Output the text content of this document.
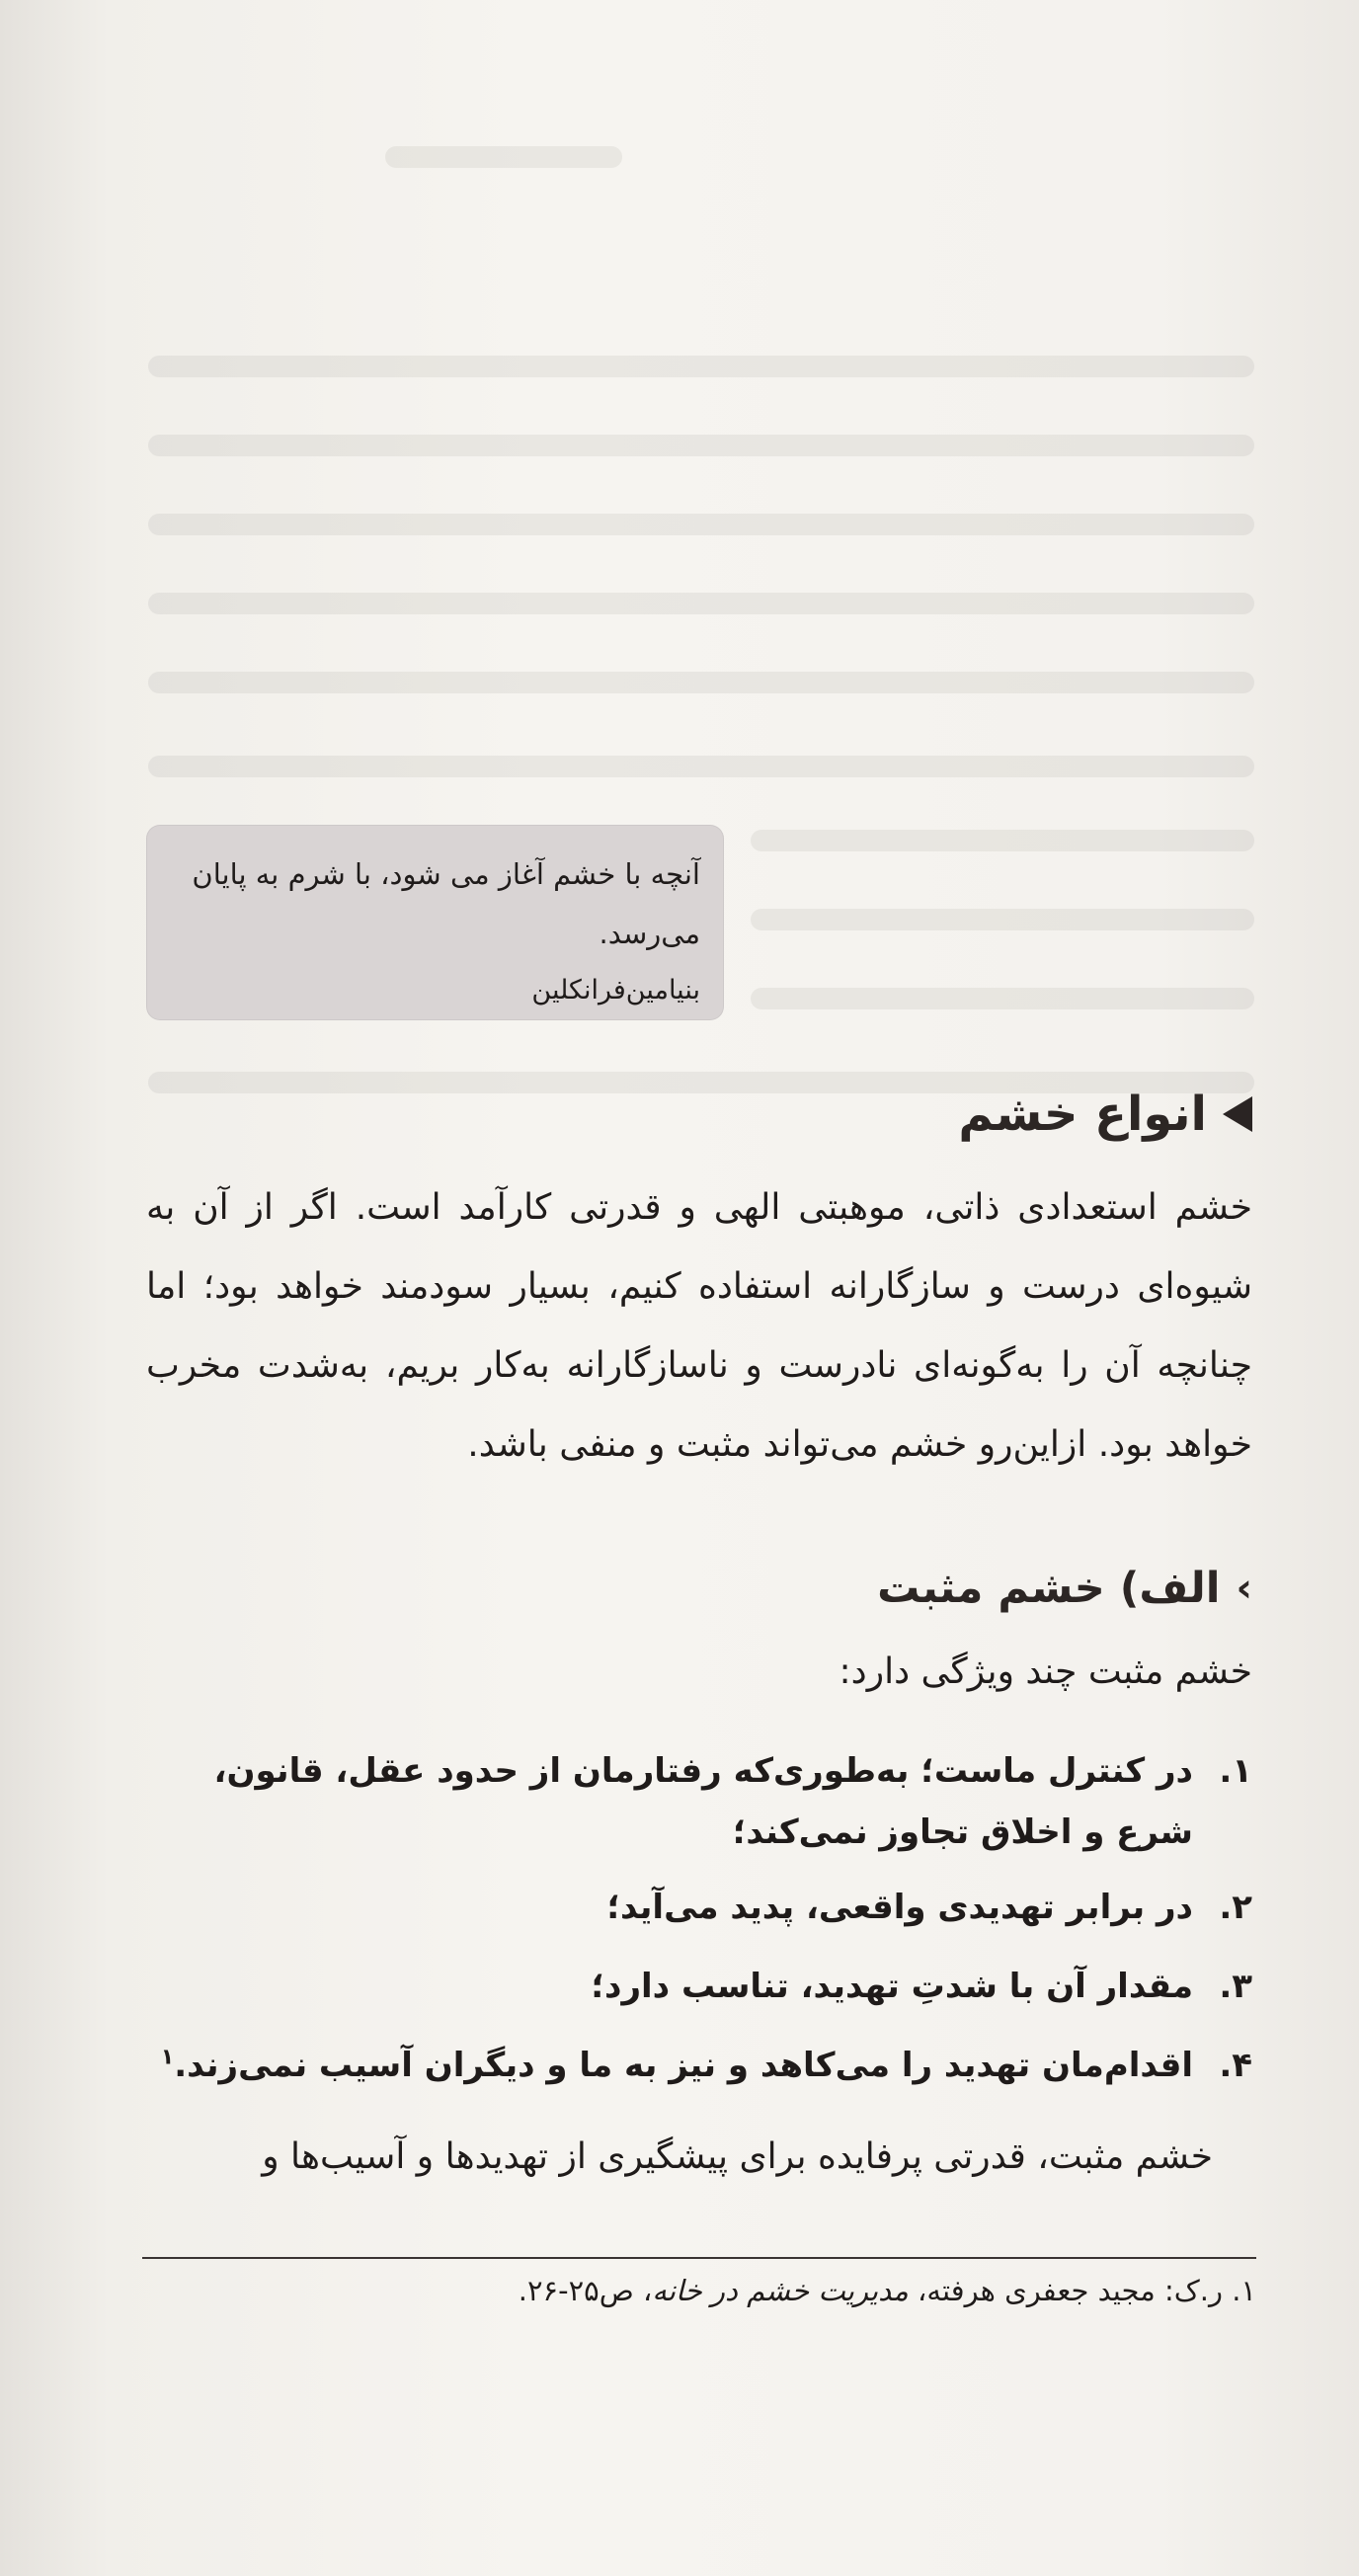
آنچه با خشم آغاز می شود، با شرم به پایان می‌رسد.

بنیامین‌فرانکلین
انواع خشم

خشم استعدادی ذاتی، موهبتی الهی و قدرتی کارآمد است. اگر از آن به شیوه‌ای درست و سازگارانه استفاده کنیم، بسیار سودمند خواهد بود؛ اما چنانچه آن را به‌گونه‌ای نادرست و ناسازگارانه به‌کار بریم، به‌شدت مخرب خواهد بود. ازاین‌رو خشم می‌تواند مثبت و منفی باشد.

›
الف) خشم مثبت

خشم مثبت چند ویژگی دارد:

۱.
در کنترل ماست؛ به‌طوری‌که رفتارمان از حدود عقل، قانون، شرع و اخلاق تجاوز نمی‌کند؛
۲.
در برابر تهدیدی واقعی، پدید می‌آید؛
۳.
مقدار آن با شدتِ تهدید، تناسب دارد؛
۴.
اقدام‌مان تهدید را می‌کاهد و نیز به ما و دیگران آسیب نمی‌زند.$^۱$

خشم مثبت، قدرتی پرفایده برای پیشگیری از تهدیدها و آسیب‌ها و

۱. ر.ک: مجید جعفری هرفته، مدیریت خشم در خانه، ص۲۵-۲۶.
